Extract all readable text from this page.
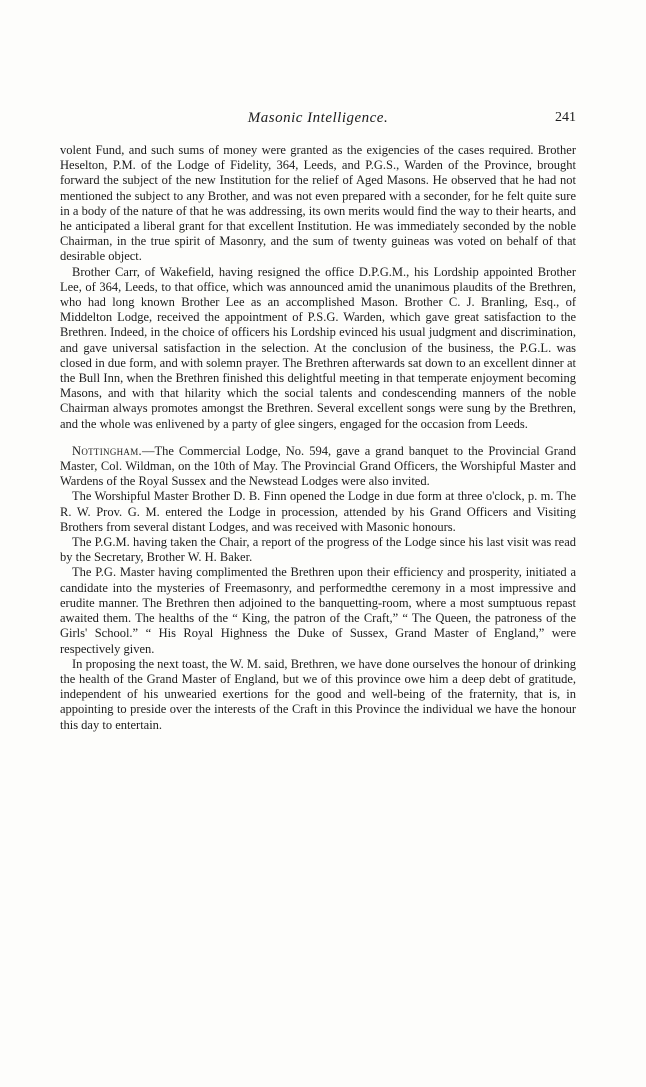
Masonic Intelligence.	241

volent Fund, and such sums of money were granted as the exigencies of the cases required. Brother Heselton, P.M. of the Lodge of Fidelity, 364, Leeds, and P.G.S., Warden of the Province, brought forward the subject of the new Institution for the relief of Aged Masons. He observed that he had not mentioned the subject to any Brother, and was not even prepared with a seconder, for he felt quite sure in a body of the nature of that he was addressing, its own merits would find the way to their hearts, and he anticipated a liberal grant for that excellent Institution. He was immediately seconded by the noble Chairman, in the true spirit of Masonry, and the sum of twenty guineas was voted on behalf of that desirable object.

Brother Carr, of Wakefield, having resigned the office D.P.G.M., his Lordship appointed Brother Lee, of 364, Leeds, to that office, which was announced amid the unanimous plaudits of the Brethren, who had long known Brother Lee as an accomplished Mason. Brother C. J. Branling, Esq., of Middelton Lodge, received the appointment of P.S.G. Warden, which gave great satisfaction to the Brethren. Indeed, in the choice of officers his Lordship evinced his usual judgment and discrimination, and gave universal satisfaction in the selection. At the conclusion of the business, the P.G.L. was closed in due form, and with solemn prayer. The Brethren afterwards sat down to an excellent dinner at the Bull Inn, when the Brethren finished this delightful meeting in that temperate enjoyment becoming Masons, and with that hilarity which the social talents and condescending manners of the noble Chairman always promotes amongst the Brethren. Several excellent songs were sung by the Brethren, and the whole was enlivened by a party of glee singers, engaged for the occasion from Leeds.

Nottingham.—The Commercial Lodge, No. 594, gave a grand banquet to the Provincial Grand Master, Col. Wildman, on the 10th of May. The Provincial Grand Officers, the Worshipful Master and Wardens of the Royal Sussex and the Newstead Lodges were also invited.

The Worshipful Master Brother D. B. Finn opened the Lodge in due form at three o'clock, p. m. The R. W. Prov. G. M. entered the Lodge in procession, attended by his Grand Officers and Visiting Brothers from several distant Lodges, and was received with Masonic honours.

The P.G.M. having taken the Chair, a report of the progress of the Lodge since his last visit was read by the Secretary, Brother W. H. Baker.

The P.G. Master having complimented the Brethren upon their efficiency and prosperity, initiated a candidate into the mysteries of Freemasonry, and performedthe ceremony in a most impressive and erudite manner. The Brethren then adjoined to the banquetting-room, where a most sumptuous repast awaited them. The healths of the “ King, the patron of the Craft,” “ The Queen, the patroness of the Girls' School.” “ His Royal Highness the Duke of Sussex, Grand Master of England,” were respectively given.

In proposing the next toast, the W. M. said, Brethren, we have done ourselves the honour of drinking the health of the Grand Master of England, but we of this province owe him a deep debt of gratitude, independent of his unwearied exertions for the good and well-being of the fraternity, that is, in appointing to preside over the interests of the Craft in this Province the individual we have the honour this day to entertain.
